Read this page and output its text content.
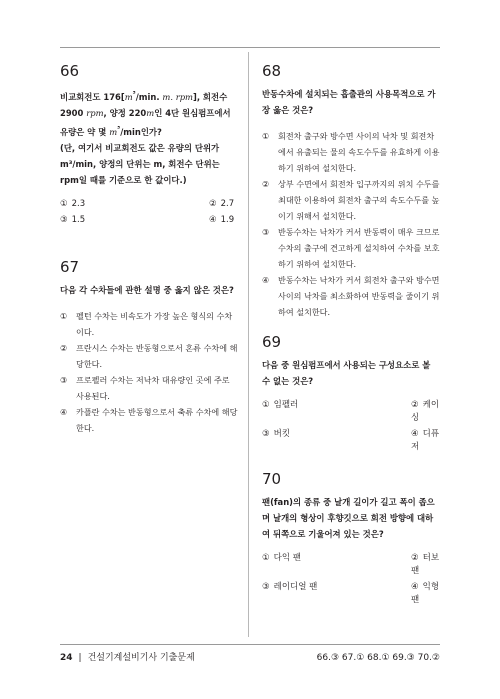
66

비교회전도 $176[m^{^3}/\min$. m. rpm], 회전수 2900 rpm, 양정 220m인 4단 원심펌프에서 유량은 약 몇 $m^{^3}/\min$인가?

(단, 여기서 비교회전도 값은 유량의 단위가 m³/min, 양정의 단위는 m, 회전수 단위는 rpm일 때를 기준으로 한 값이다.)

① 2.3	② 2.7
③ 1.5	④ 1.9
67

다음 각 수차들에 관한 설명 중 옳지 않은 것은?

①	펠턴 수차는 비속도가 가장 높은 형식의 수차이다.
②	프란시스 수차는 반동형으로서 혼류 수차에 해당한다.
③	프로펠러 수차는 저낙차 대유량인 곳에 주로 사용된다.
④	카플란 수차는 반동형으로서 축류 수차에 해당한다.
68

반동수차에 설치되는 흡출관의 사용목적으로 가장 옳은 것은?

①	회전차 출구와 방수면 사이의 낙차 및 회전차에서 유출되는 물의 속도수두를 유효하게 이용하기 위하여 설치한다.
②	상부 수면에서 회전차 입구까지의 위치 수두를 최대한 이용하여 회전차 출구의 속도수두를 높이기 위해서 설치한다.
③	반동수차는 낙차가 커서 반동력이 매우 크므로 수차의 출구에 견고하게 설치하여 수차를 보호하기 위하여 설치한다.
④	반동수차는 낙차가 커서 회전차 출구와 방수면 사이의 낙차를 최소화하여 반동력을 줄이기 위하여 설치한다.
69

다음 중 원심펌프에서 사용되는 구성요소로 볼 수 없는 것은?

① 임펠러	② 케이싱
③ 버킷	④ 디퓨저
70

팬(fan)의 종류 중 날개 길이가 길고 폭이 좁으며 날개의 형상이 후향깃으로 회전 방향에 대하여 뒤쪽으로 기울어져 있는 것은?

① 다익 팬	② 터보 팬
③ 레이디얼 팬	④ 익형 팬
24 | 건설기계설비기사 기출문제	66.③ 67.① 68.① 69.③ 70.②
